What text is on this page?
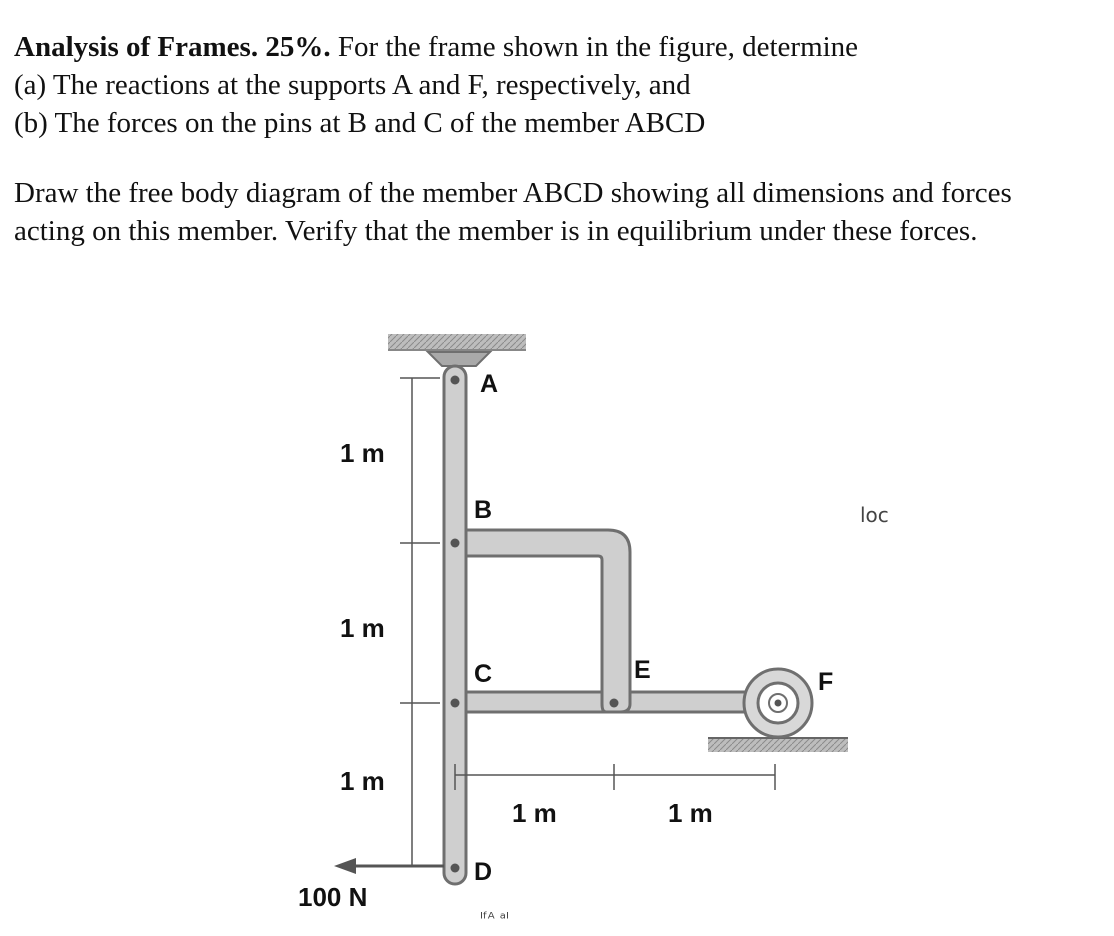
Analysis of Frames. 25%. For the frame shown in the figure, determine

(a) The reactions at the supports A and F, respectively, and

(b) The forces on the pins at B and C of the member ABCD

Draw the free body diagram of the member ABCD showing all dimensions and forces

acting on this member. Verify that the member is in equilibrium under these forces.

A
B
C	E	F
D
1 m
1 m
1 m
1 m	1 m
100 N
loc
ᴵᶠᴬ ᵃᴵ
